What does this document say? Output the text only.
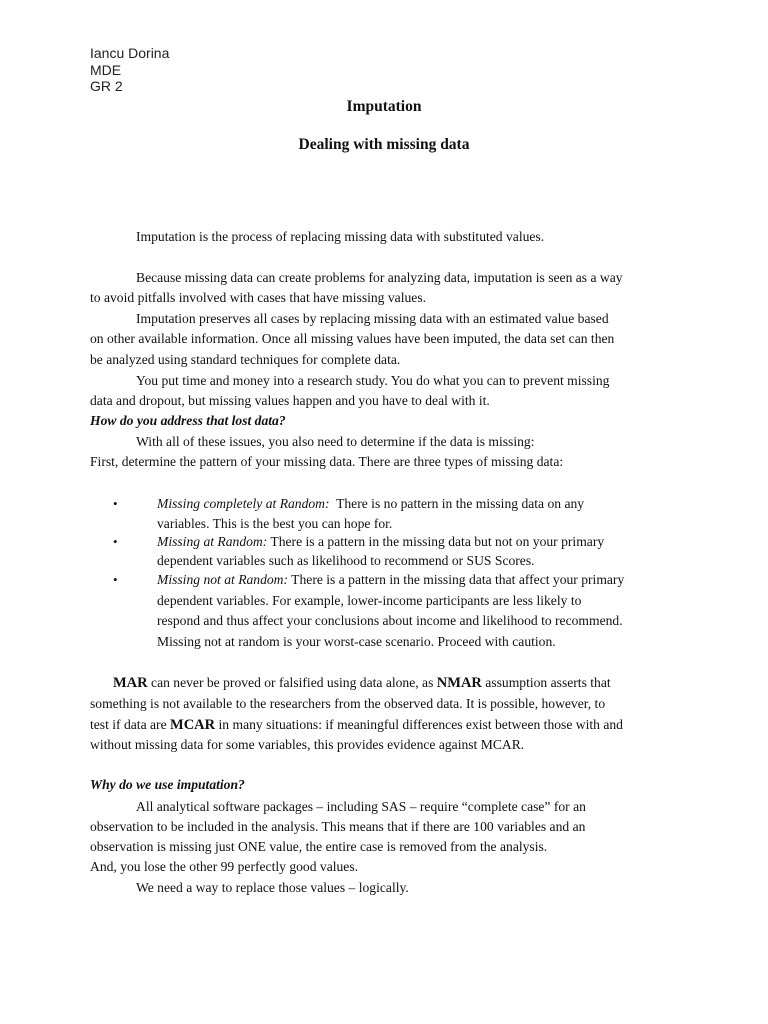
Iancu Dorina
MDE
GR 2
Imputation
Dealing with missing data
Imputation is the process of replacing missing data with substituted values.
Because missing data can create problems for analyzing data, imputation is seen as a way
to avoid pitfalls involved with cases that have missing values.
Imputation preserves all cases by replacing missing data with an estimated value based
on other available information. Once all missing values have been imputed, the data set can then
be analyzed using standard techniques for complete data.
You put time and money into a research study. You do what you can to prevent missing
data and dropout, but missing values happen and you have to deal with it.
How do you address that lost data?
With all of these issues, you also need to determine if the data is missing:
First, determine the pattern of your missing data. There are three types of missing data:
•	Missing completely at Random:  There is no pattern in the missing data on any
variables. This is the best you can hope for.
•	Missing at Random: There is a pattern in the missing data but not on your primary
dependent variables such as likelihood to recommend or SUS Scores.
•	Missing not at Random: There is a pattern in the missing data that affect your primary
dependent variables. For example, lower-income participants are less likely to
respond and thus affect your conclusions about income and likelihood to recommend.
Missing not at random is your worst-case scenario. Proceed with caution.
MAR can never be proved or falsified using data alone, as NMAR assumption asserts that
something is not available to the researchers from the observed data. It is possible, however, to
test if data are MCAR in many situations: if meaningful differences exist between those with and
without missing data for some variables, this provides evidence against MCAR.
Why do we use imputation?
All analytical software packages – including SAS – require “complete case” for an
observation to be included in the analysis. This means that if there are 100 variables and an
observation is missing just ONE value, the entire case is removed from the analysis.
And, you lose the other 99 perfectly good values.
We need a way to replace those values – logically.
